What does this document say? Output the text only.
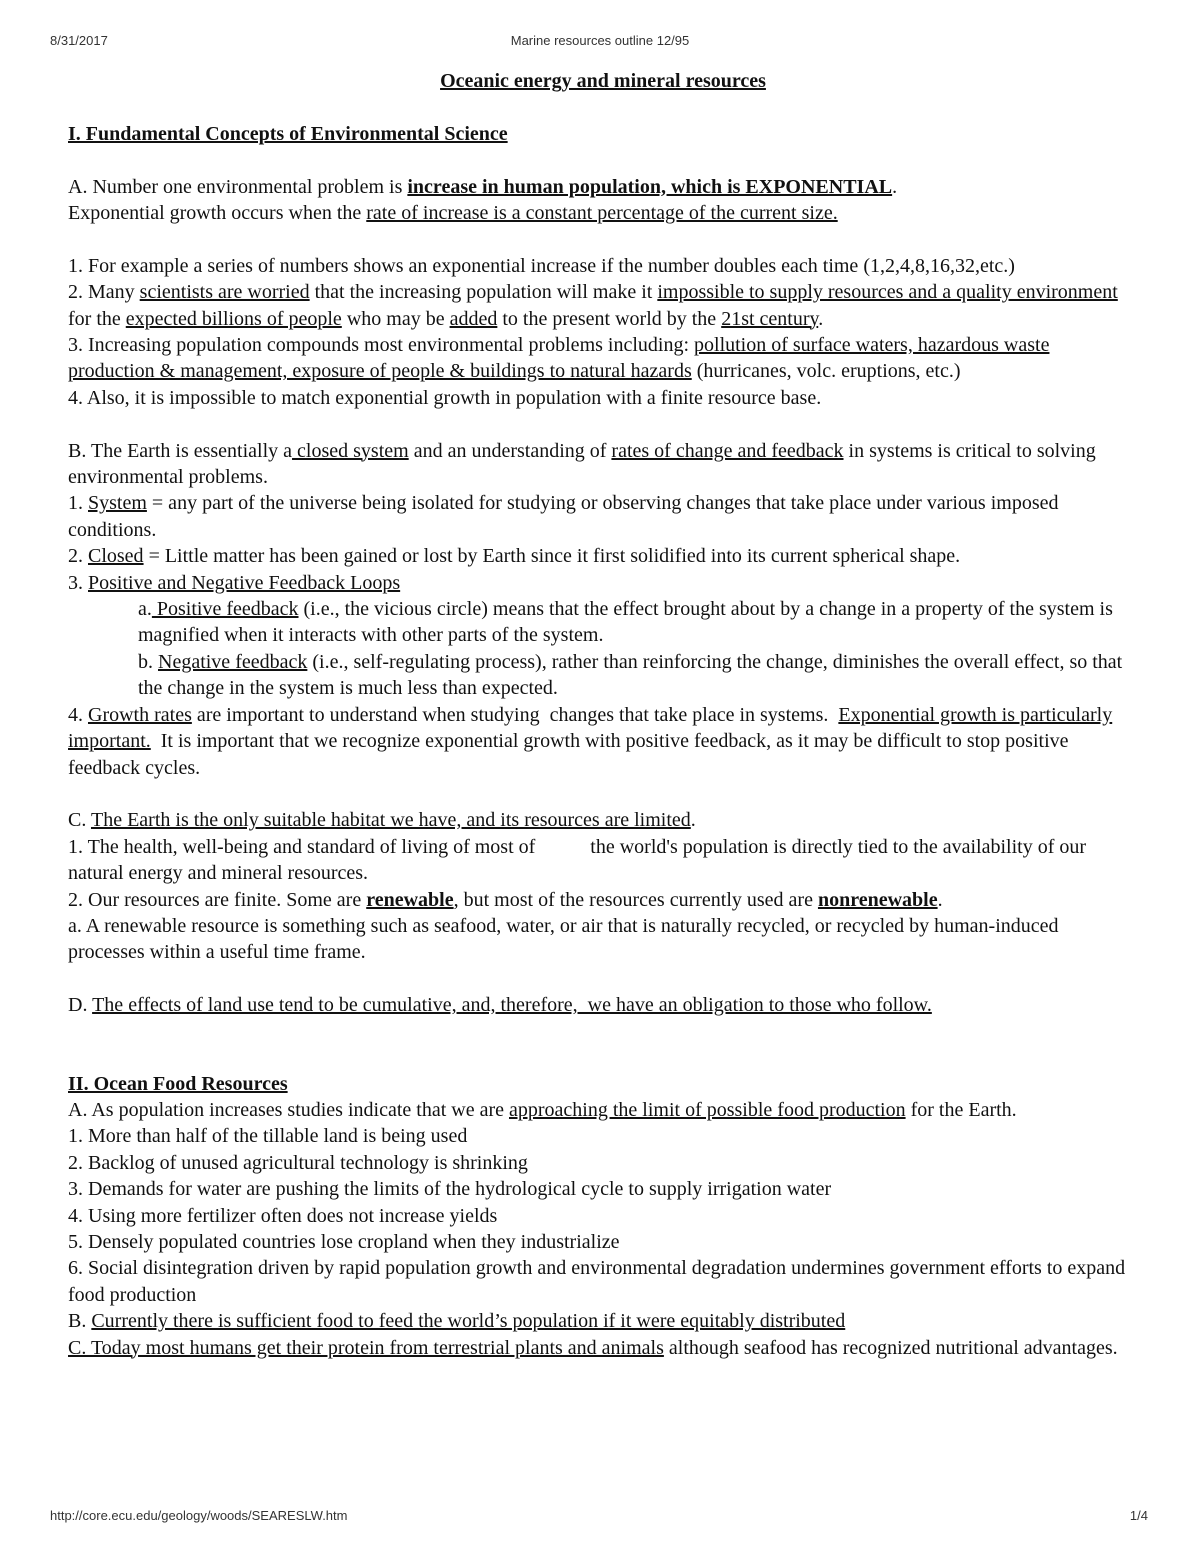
8/31/2017	Marine resources outline 12/95

Oceanic energy and mineral resources

I. Fundamental Concepts of Environmental Science

A. Number one environmental problem is increase in human population, which is EXPONENTIAL.
Exponential growth occurs when the rate of increase is a constant percentage of the current size.

1. For example a series of numbers shows an exponential increase if the number doubles each time (1,2,4,8,16,32,etc.)

2. Many scientists are worried that the increasing population will make it impossible to supply resources and a quality environment for the expected billions of people who may be added to the present world by the 21st century.

3. Increasing population compounds most environmental problems including: pollution of surface waters, hazardous waste production & management, exposure of people & buildings to natural hazards (hurricanes, volc. eruptions, etc.)

4. Also, it is impossible to match exponential growth in population with a finite resource base.

B. The Earth is essentially a closed system and an understanding of rates of change and feedback in systems is critical to solving environmental problems.

1. System = any part of the universe being isolated for studying or observing changes that take place under various imposed conditions.

2. Closed = Little matter has been gained or lost by Earth since it first solidified into its current spherical shape.

3. Positive and Negative Feedback Loops

a. Positive feedback (i.e., the vicious circle) means that the effect brought about by a change in a property of the system is magnified when it interacts with other parts of the system.

b. Negative feedback (i.e., self-regulating process), rather than reinforcing the change, diminishes the overall effect, so that the change in the system is much less than expected.

4. Growth rates are important to understand when studying  changes that take place in systems.  Exponential growth is particularly important.  It is important that we recognize exponential growth with positive feedback, as it may be difficult to stop positive feedback cycles.

C. The Earth is the only suitable habitat we have, and its resources are limited.

1. The health, well-being and standard of living of most of           the world's population is directly tied to the availability of our natural energy and mineral resources.

2. Our resources are finite. Some are renewable, but most of the resources currently used are nonrenewable.

a. A renewable resource is something such as seafood, water, or air that is naturally recycled, or recycled by human-induced processes within a useful time frame.

D. The effects of land use tend to be cumulative, and, therefore,  we have an obligation to those who follow.

II. Ocean Food Resources

A. As population increases studies indicate that we are approaching the limit of possible food production for the Earth.

1. More than half of the tillable land is being used

2. Backlog of unused agricultural technology is shrinking

3. Demands for water are pushing the limits of the hydrological cycle to supply irrigation water

4. Using more fertilizer often does not increase yields

5. Densely populated countries lose cropland when they industrialize

6. Social disintegration driven by rapid population growth and environmental degradation undermines government efforts to expand food production

B. Currently there is sufficient food to feed the world’s population if it were equitably distributed

C. Today most humans get their protein from terrestrial plants and animals although seafood has recognized nutritional advantages.

http://core.ecu.edu/geology/woods/SEARESLW.htm	1/4
